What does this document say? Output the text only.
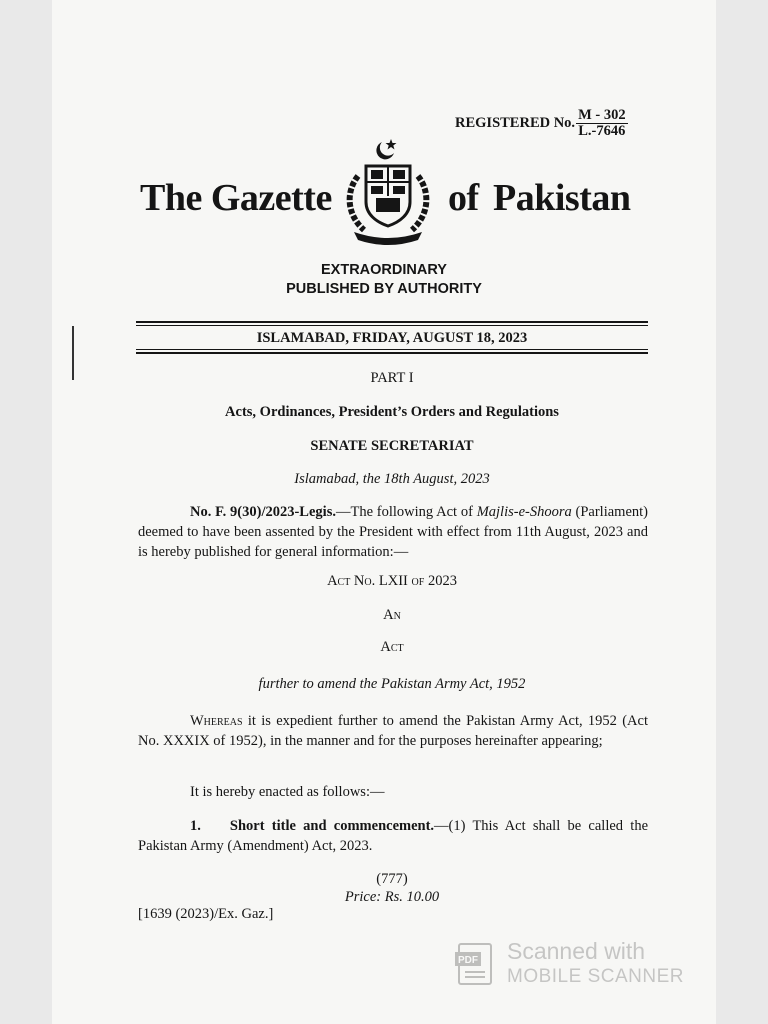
REGISTERED No. $\frac{M - 302}{L.-7646}$
The Gazette	of Pakistan
EXTRAORDINARY
PUBLISHED BY AUTHORITY
ISLAMABAD, FRIDAY, AUGUST 18, 2023
PART I
Acts, Ordinances, President’s Orders and Regulations
SENATE SECRETARIAT
Islamabad, the 18th August, 2023
No. F. 9(30)/2023-Legis.—The following Act of Majlis-e-Shoora (Parliament) deemed to have been assented by the President with effect from 11th August, 2023 and is hereby published for general information:—
Act No. LXII of 2023
An
Act
further to amend the Pakistan Army Act, 1952
Whereas it is expedient further to amend the Pakistan Army Act, 1952 (Act No. XXXIX of 1952), in the manner and for the purposes hereinafter appearing;
It is hereby enacted as follows:—
1. Short title and commencement.—(1) This Act shall be called the Pakistan Army (Amendment) Act, 2023.
(777)
Price: Rs. 10.00
[1639 (2023)/Ex. Gaz.]
PDF Scanned with
MOBILE SCANNER
